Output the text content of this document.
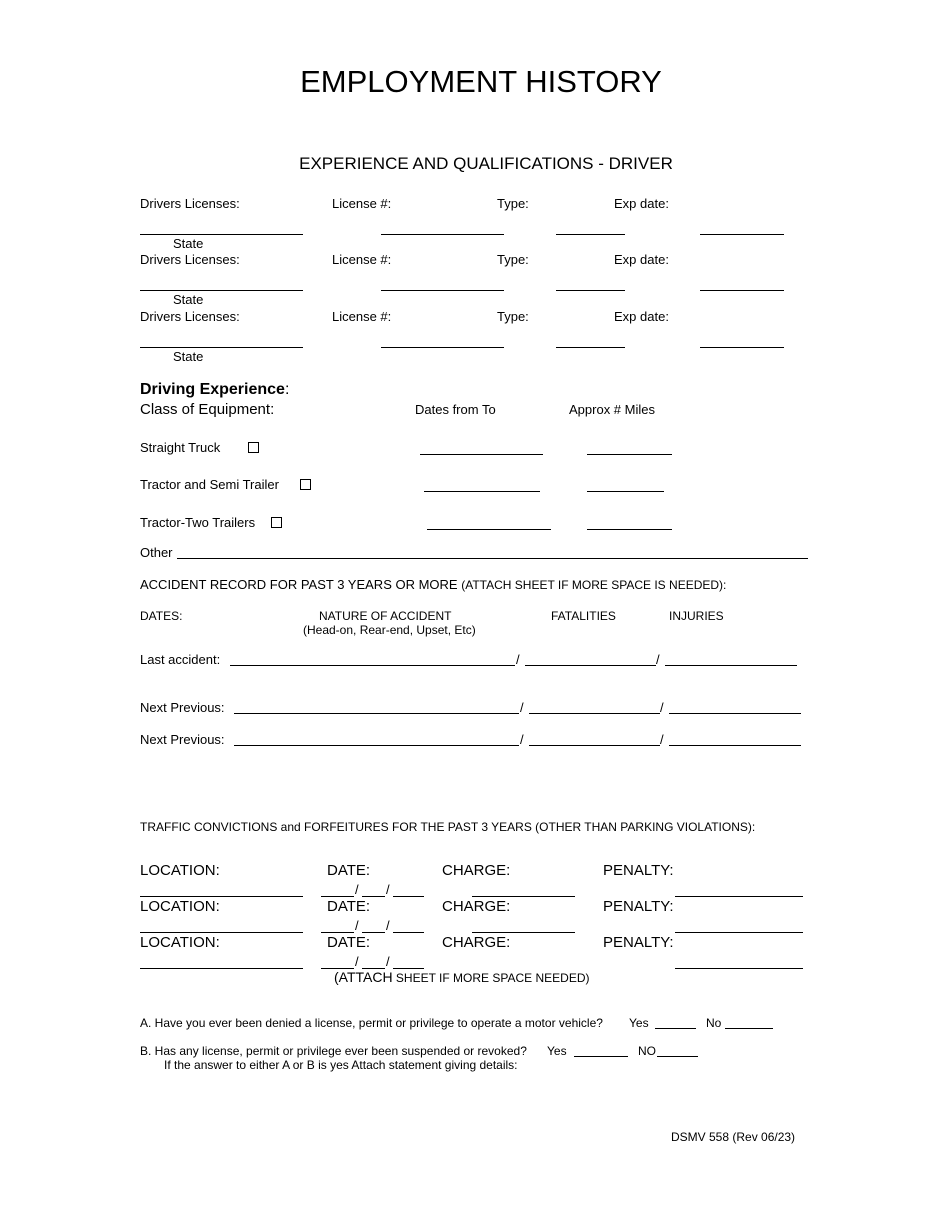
EMPLOYMENT HISTORY
EXPERIENCE AND QUALIFICATIONS - DRIVER
Drivers Licenses:	License #:	Type:	Exp date:
State
Drivers Licenses:	License #:	Type:	Exp date:
State
Drivers Licenses:	License #:	Type:	Exp date:
State
Driving Experience:
Class of Equipment:	Dates from To	Approx # Miles
Straight Truck
Tractor and Semi Trailer
Tractor-Two Trailers
Other
ACCIDENT RECORD FOR PAST 3 YEARS OR MORE (ATTACH SHEET IF MORE SPACE IS NEEDED):
DATES:	NATURE OF ACCIDENT
(Head-on, Rear-end, Upset, Etc)
FATALITIES	INJURIES
Last accident:	/	/
Next Previous:	/	/
Next Previous:	/	/
TRAFFIC CONVICTIONS and FORFEITURES FOR THE PAST 3 YEARS (OTHER THAN PARKING VIOLATIONS):
LOCATION:	DATE:	CHARGE:	PENALTY:
/ /
LOCATION:	DATE:	CHARGE:	PENALTY:
/ /
LOCATION:	DATE:	CHARGE:	PENALTY:
/ /
(ATTACH SHEET IF MORE SPACE NEEDED)
A. Have you ever been denied a license, permit or privilege to operate a motor vehicle? Yes	No
B. Has any license, permit or privilege ever been suspended or revoked? Yes	NO
If the answer to either A or B is yes Attach statement giving details:
DSMV 558 (Rev 06/23)
